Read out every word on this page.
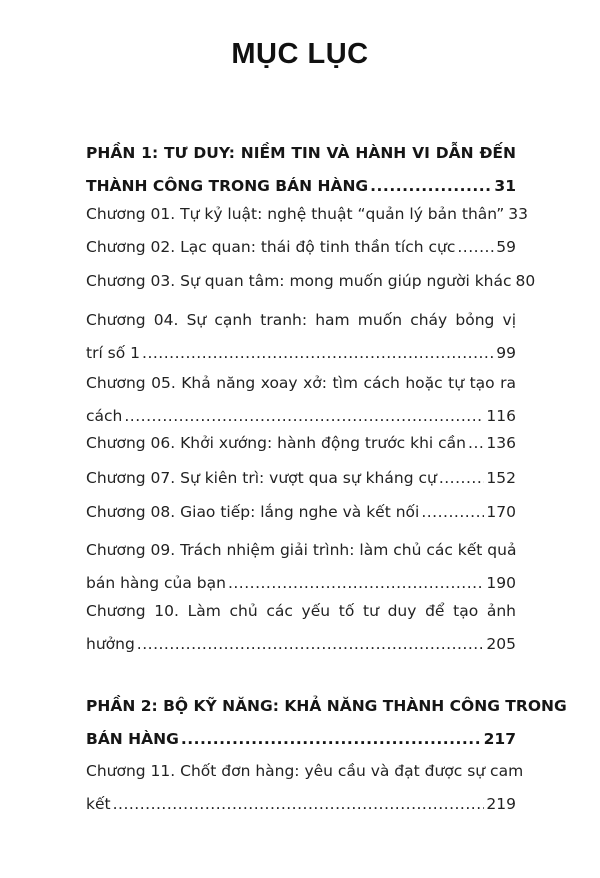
MỤC LỤC
PHẦN 1: TƯ DUY: NIỀM TIN VÀ HÀNH VI DẪN ĐẾN
THÀNH CÔNG TRONG BÁN HÀNG .....	31
Chương 01. Tự kỷ luật: nghệ thuật “quản lý bản thân” 33
Chương 02. Lạc quan: thái độ tinh thần tích cực .....	59
Chương 03. Sự quan tâm: mong muốn giúp người khác 80
Chương 04. Sự cạnh tranh: ham muốn cháy bỏng vị
trí số 1 .....	99
Chương 05. Khả năng xoay xở: tìm cách hoặc tự tạo ra
cách .....	116
Chương 06. Khởi xướng: hành động trước khi cần ..... 136
Chương 07. Sự kiên trì: vượt qua sự kháng cự .....	152
Chương 08. Giao tiếp: lắng nghe và kết nối .....	170
Chương 09. Trách nhiệm giải trình: làm chủ các kết quả
bán hàng của bạn .....	190
Chương 10. Làm chủ các yếu tố tư duy để tạo ảnh
hưởng .....	205
PHẦN 2: BỘ KỸ NĂNG: KHẢ NĂNG THÀNH CÔNG TRONG
BÁN HÀNG .....	217
Chương 11. Chốt đơn hàng: yêu cầu và đạt được sự cam
kết .....	219
